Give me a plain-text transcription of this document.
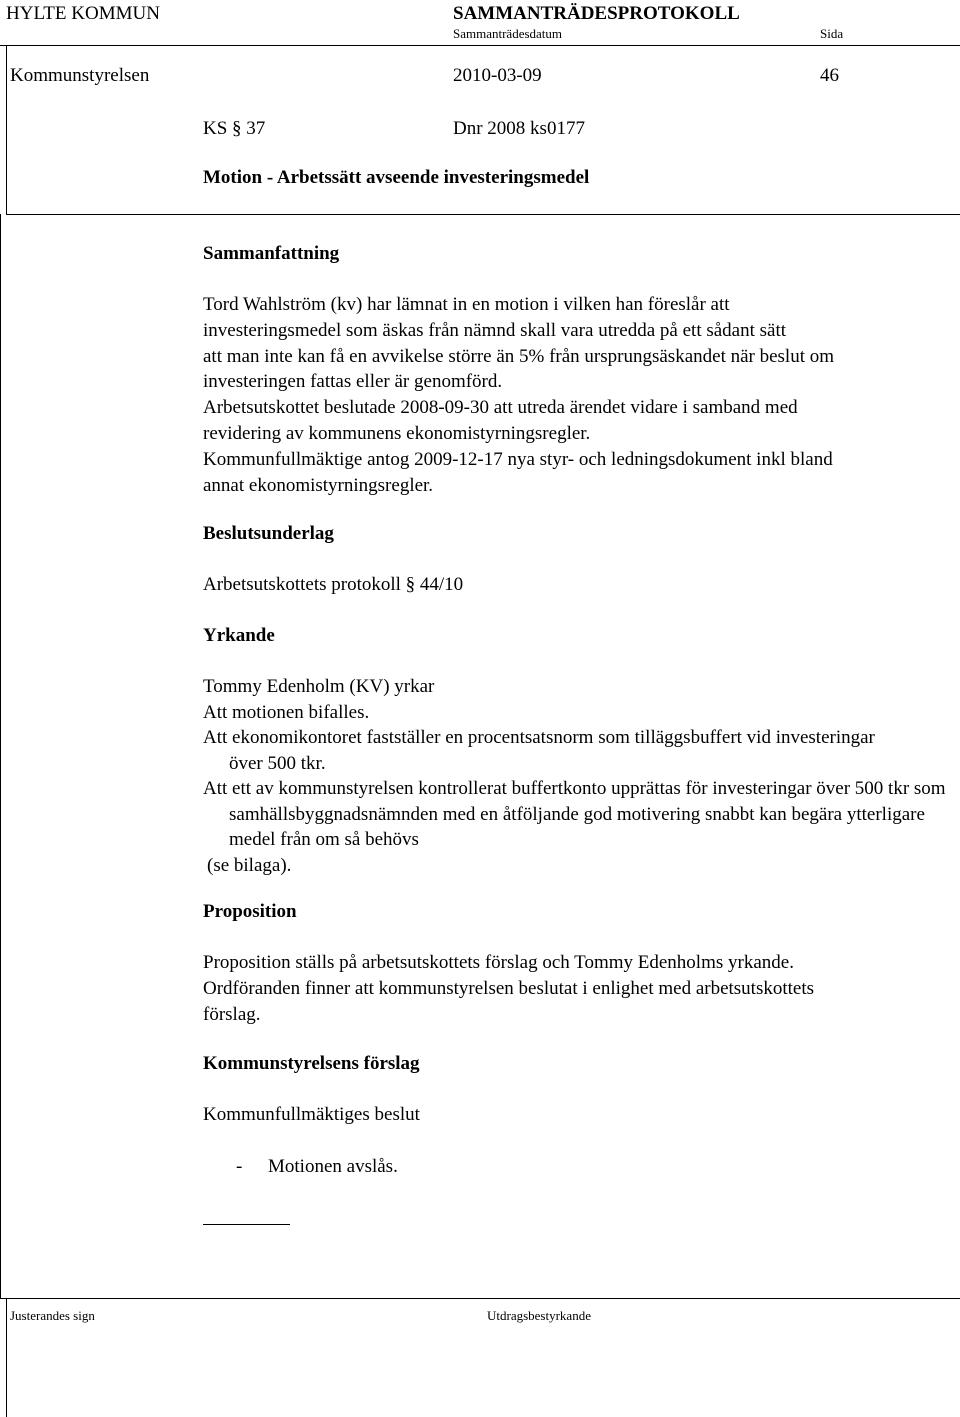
HYLTE KOMMUN	SAMMANTRÄDESPROTOKOLL
Sammanträdesdatum	Sida
Kommunstyrelsen	2010-03-09	46
KS § 37	Dnr 2008 ks0177
Motion - Arbetssätt avseende investeringsmedel
Sammanfattning

Tord Wahlström (kv) har lämnat in en motion i vilken han föreslår att

investeringsmedel som äskas från nämnd skall vara utredda på ett sådant sätt

att man inte kan få en avvikelse större än 5% från ursprungsäskandet när beslut om

investeringen fattas eller är genomförd.

Arbetsutskottet beslutade 2008-09-30 att utreda ärendet vidare i samband med

revidering av kommunens ekonomistyrningsregler.

Kommunfullmäktige antog 2009-12-17 nya styr- och ledningsdokument inkl bland

annat ekonomistyrningsregler.

Beslutsunderlag
Arbetsutskottets protokoll § 44/10
Yrkande

Tommy Edenholm (KV) yrkar

Att motionen bifalles.

Att ekonomikontoret fastställer en procentsatsnorm som tilläggsbuffert vid investeringar över 500 tkr.

Att ett av kommunstyrelsen kontrollerat buffertkonto upprättas för investeringar över 500 tkr som samhällsbyggnadsnämnden med en åtföljande god motivering snabbt kan begära ytterligare medel från om så behövs

(se bilaga).

Proposition

Proposition ställs på arbetsutskottets förslag och Tommy Edenholms yrkande.

Ordföranden finner att kommunstyrelsen beslutat i enlighet med arbetsutskottets

förslag.

Kommunstyrelsens förslag
Kommunfullmäktiges beslut
- Motionen avslås.
Justerandes sign	Utdragsbestyrkande
